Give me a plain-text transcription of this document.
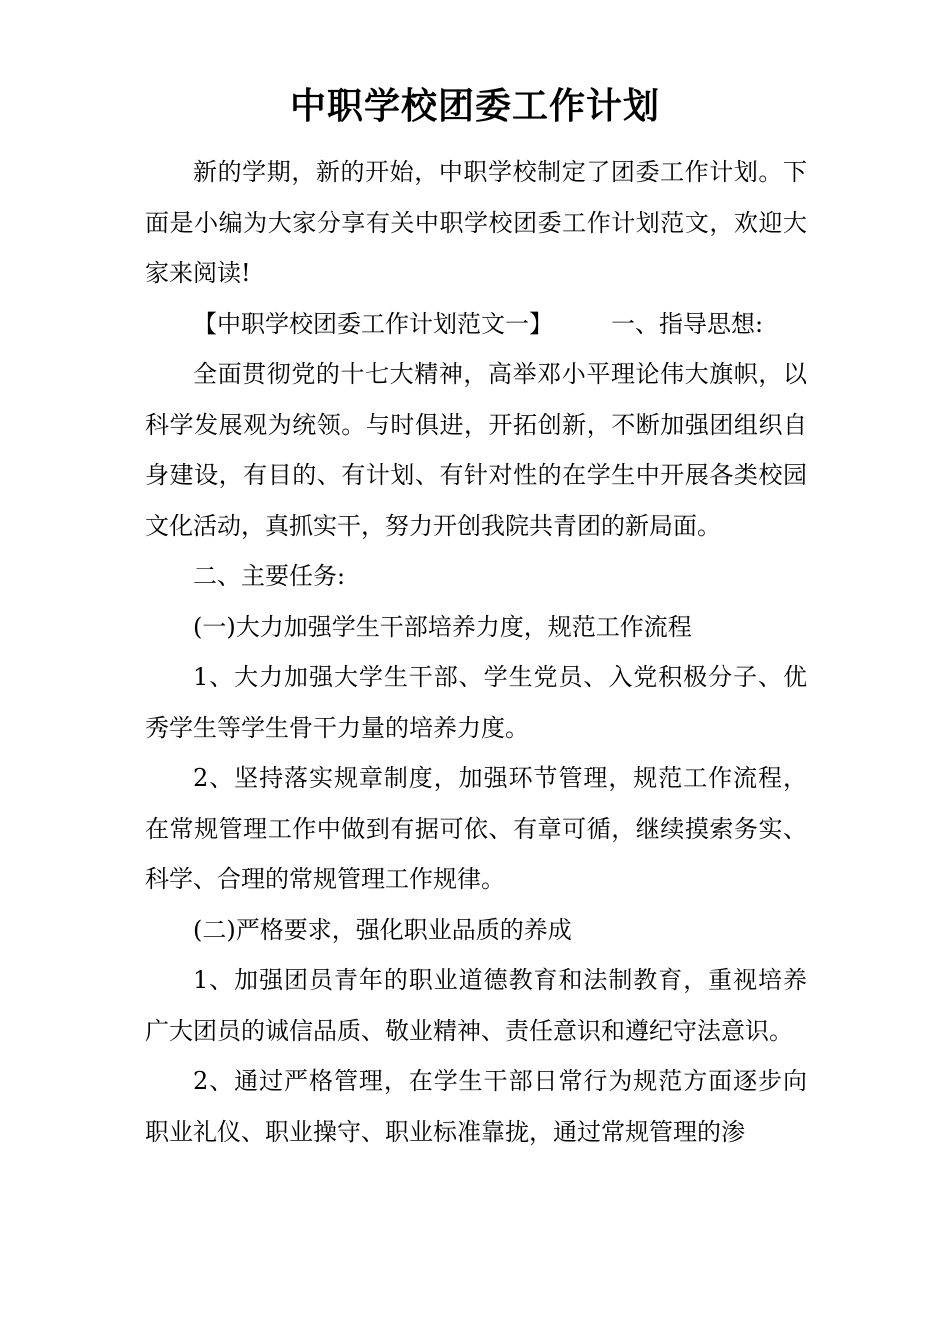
中职学校团委工作计划

新的学期，新的开始，中职学校制定了团委工作计划。下面是小编为大家分享有关中职学校团委工作计划范文，欢迎大家来阅读!

【中职学校团委工作计划范文一】 一、指导思想:

全面贯彻党的十七大精神，高举邓小平理论伟大旗帜，以科学发展观为统领。与时俱进，开拓创新，不断加强团组织自身建设，有目的、有计划、有针对性的在学生中开展各类校园文化活动，真抓实干，努力开创我院共青团的新局面。

二、主要任务:

(一)大力加强学生干部培养力度，规范工作流程

1、大力加强大学生干部、学生党员、入党积极分子、优秀学生等学生骨干力量的培养力度。

2、坚持落实规章制度，加强环节管理，规范工作流程，在常规管理工作中做到有据可依、有章可循，继续摸索务实、科学、合理的常规管理工作规律。

(二)严格要求，强化职业品质的养成

1、加强团员青年的职业道德教育和法制教育，重视培养广大团员的诚信品质、敬业精神、责任意识和遵纪守法意识。

2、通过严格管理，在学生干部日常行为规范方面逐步向职业礼仪、职业操守、职业标准靠拢，通过常规管理的渗
